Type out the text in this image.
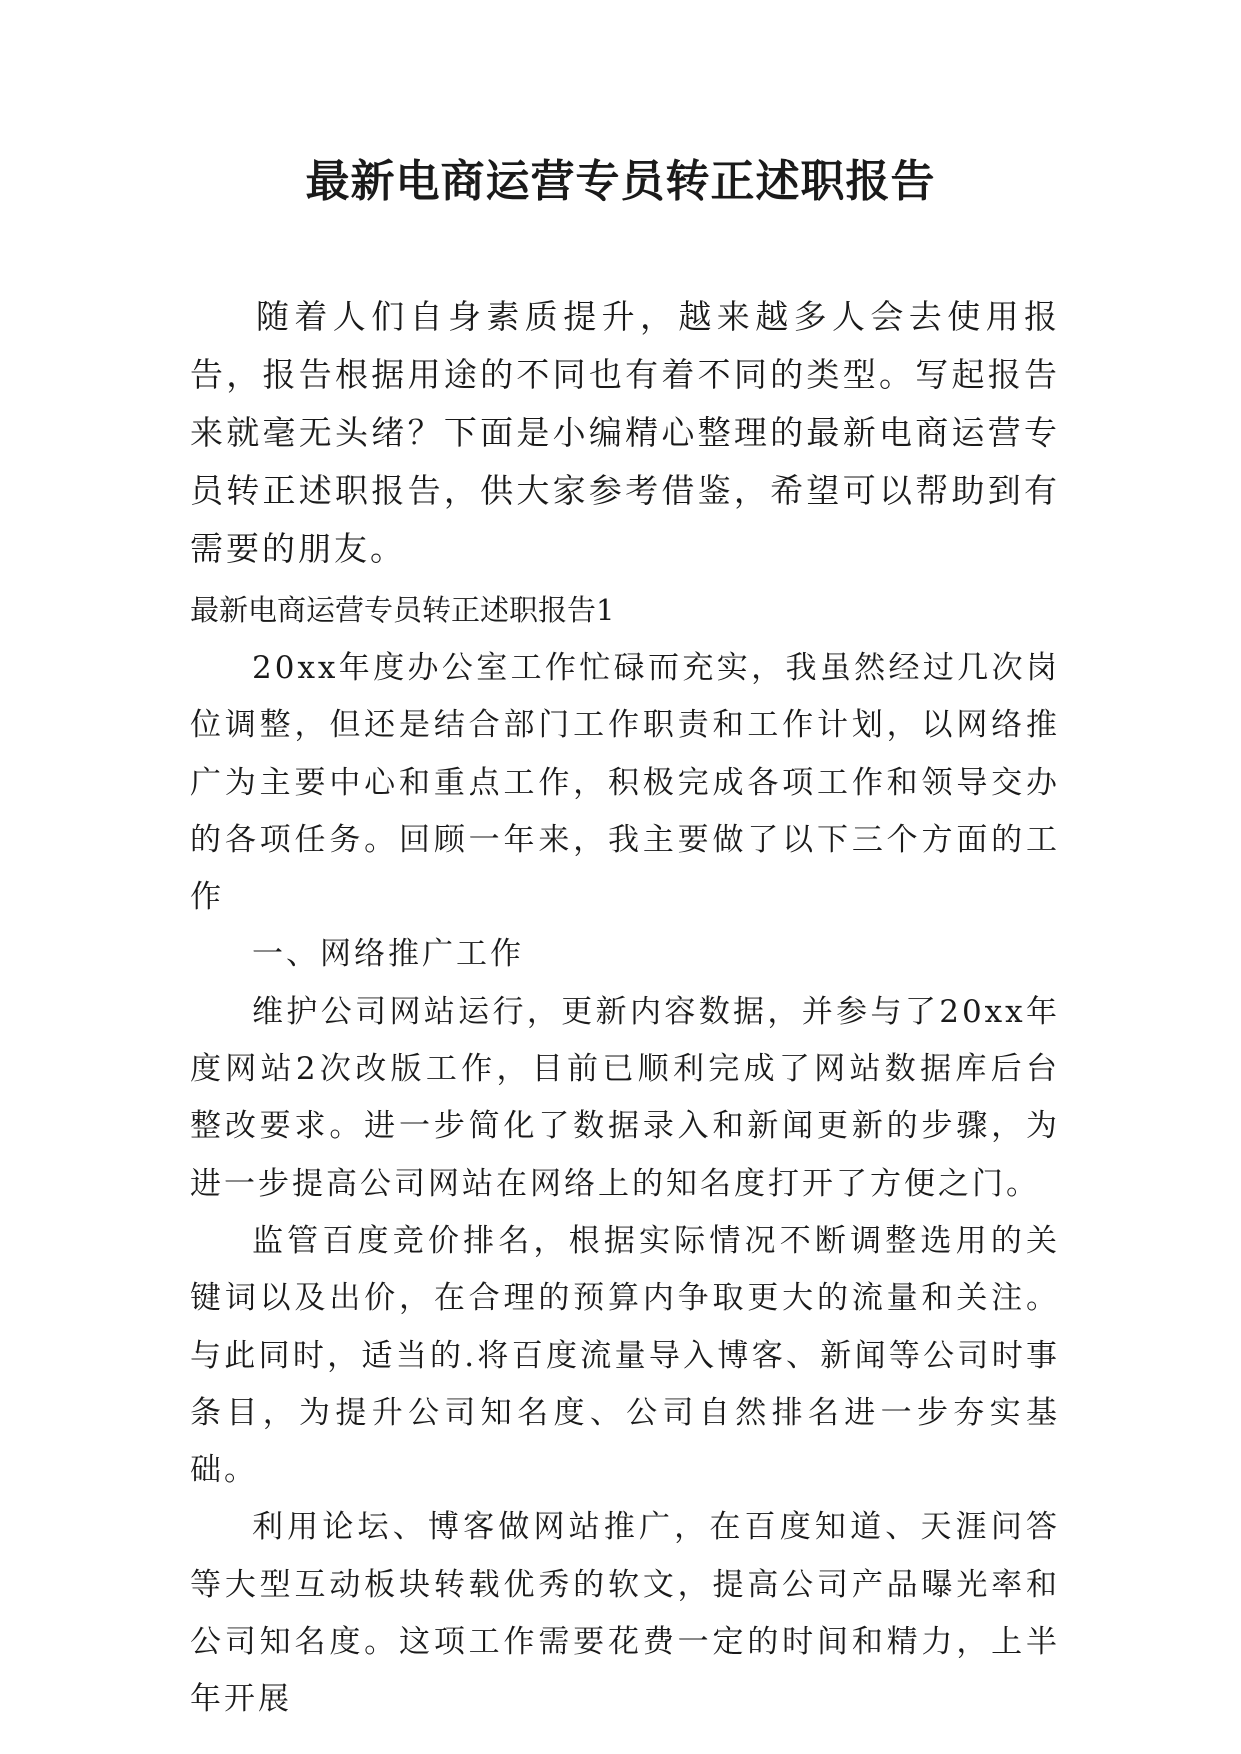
最新电商运营专员转正述职报告

随着人们自身素质提升，越来越多人会去使用报告，报告根据用途的不同也有着不同的类型。写起报告来就毫无头绪？下面是小编精心整理的最新电商运营专员转正述职报告，供大家参考借鉴，希望可以帮助到有需要的朋友。

最新电商运营专员转正述职报告1

20xx年度办公室工作忙碌而充实，我虽然经过几次岗位调整，但还是结合部门工作职责和工作计划，以网络推广为主要中心和重点工作，积极完成各项工作和领导交办的各项任务。回顾一年来，我主要做了以下三个方面的工作

一、网络推广工作

维护公司网站运行，更新内容数据，并参与了20xx年度网站2次改版工作，目前已顺利完成了网站数据库后台整改要求。进一步简化了数据录入和新闻更新的步骤，为进一步提高公司网站在网络上的知名度打开了方便之门。

监管百度竞价排名，根据实际情况不断调整选用的关键词以及出价，在合理的预算内争取更大的流量和关注。与此同时，适当的.将百度流量导入博客、新闻等公司时事条目，为提升公司知名度、公司自然排名进一步夯实基础。

利用论坛、博客做网站推广，在百度知道、天涯问答等大型互动板块转载优秀的软文，提高公司产品曝光率和公司知名度。这项工作需要花费一定的时间和精力，上半年开展
